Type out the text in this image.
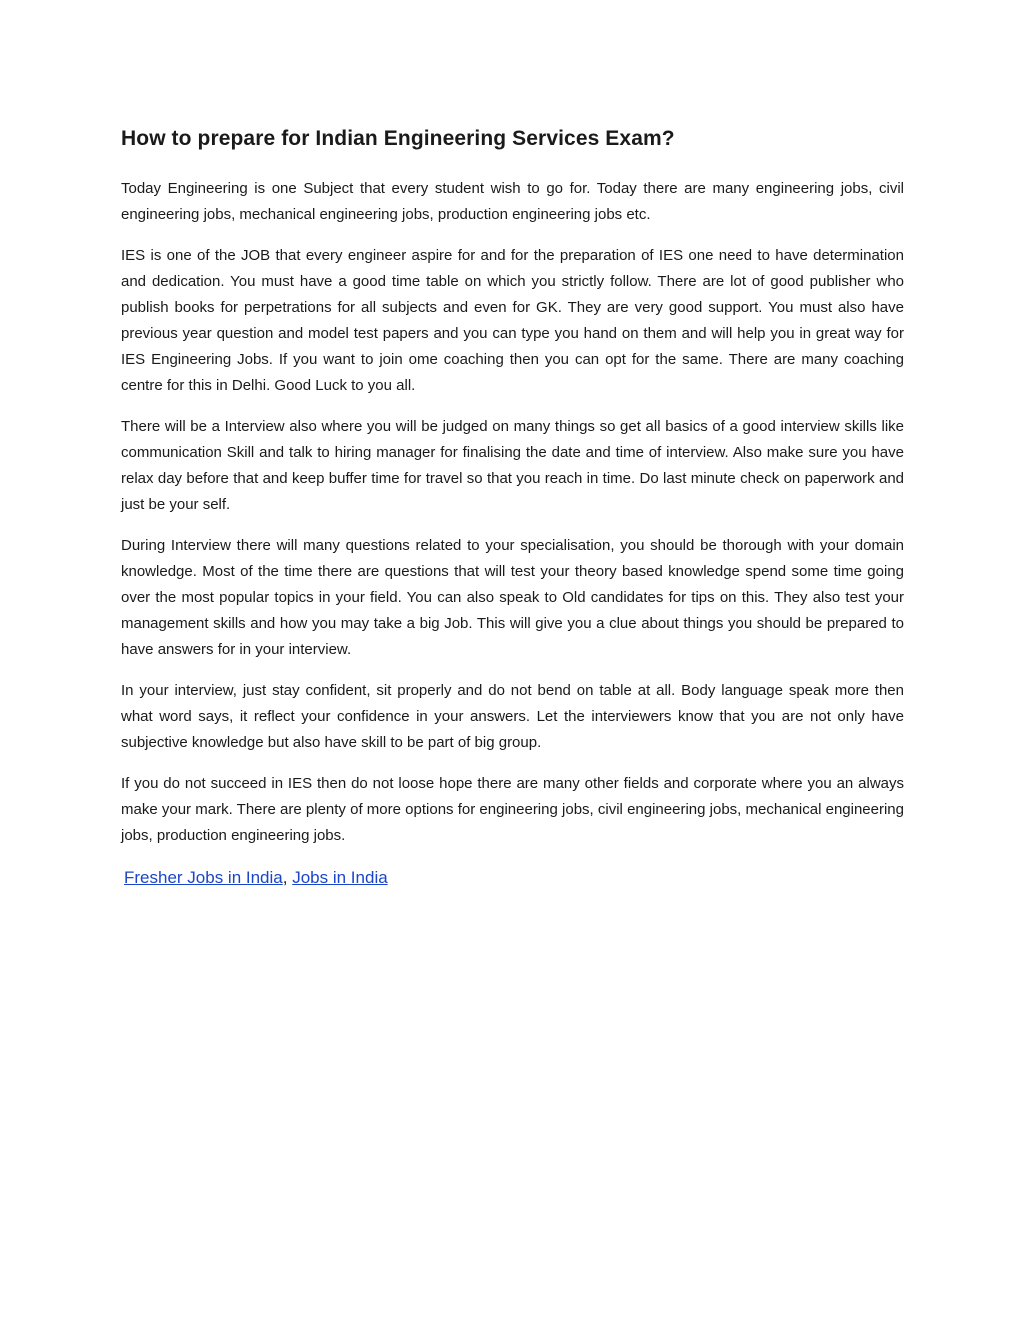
How to prepare for Indian Engineering Services Exam?

Today Engineering is one Subject that every student wish to go for. Today there are many engineering jobs, civil engineering jobs, mechanical engineering jobs, production engineering jobs etc.

IES is one of the JOB that every engineer aspire for and for the preparation of IES one need to have determination and dedication. You must have a good time table on which you strictly follow. There are lot of good publisher who publish books for perpetrations for all subjects and even for GK. They are very good support. You must also have previous year question and model test papers and you can type you hand on them and will help you in great way for IES Engineering Jobs. If you want to join ome coaching then you can opt for the same. There are many coaching centre for this in Delhi. Good Luck to you all.

There will be a Interview also where you will be judged on many things so get all basics of a good interview skills like communication Skill and talk to hiring manager for finalising the date and time of interview. Also make sure you have relax day before that and keep buffer time for travel so that you reach in time. Do last minute check on paperwork and just be your self.

During Interview there will many questions related to your specialisation, you should be thorough with your domain knowledge. Most of the time there are questions that will test your theory based knowledge spend some time going over the most popular topics in your field. You can also speak to Old candidates for tips on this. They also test your management skills and how you may take a big Job. This will give you a clue about things you should be prepared to have answers for in your interview.

In your interview, just stay confident, sit properly and do not bend on table at all. Body language speak more then what word says, it reflect your confidence in your answers. Let the interviewers know that you are not only have subjective knowledge but also have skill to be part of big group.

If you do not succeed in IES then do not loose hope there are many other fields and corporate where you an always make your mark. There are plenty of more options for engineering jobs, civil engineering jobs, mechanical engineering jobs, production engineering jobs.

Fresher Jobs in India, Jobs in India
